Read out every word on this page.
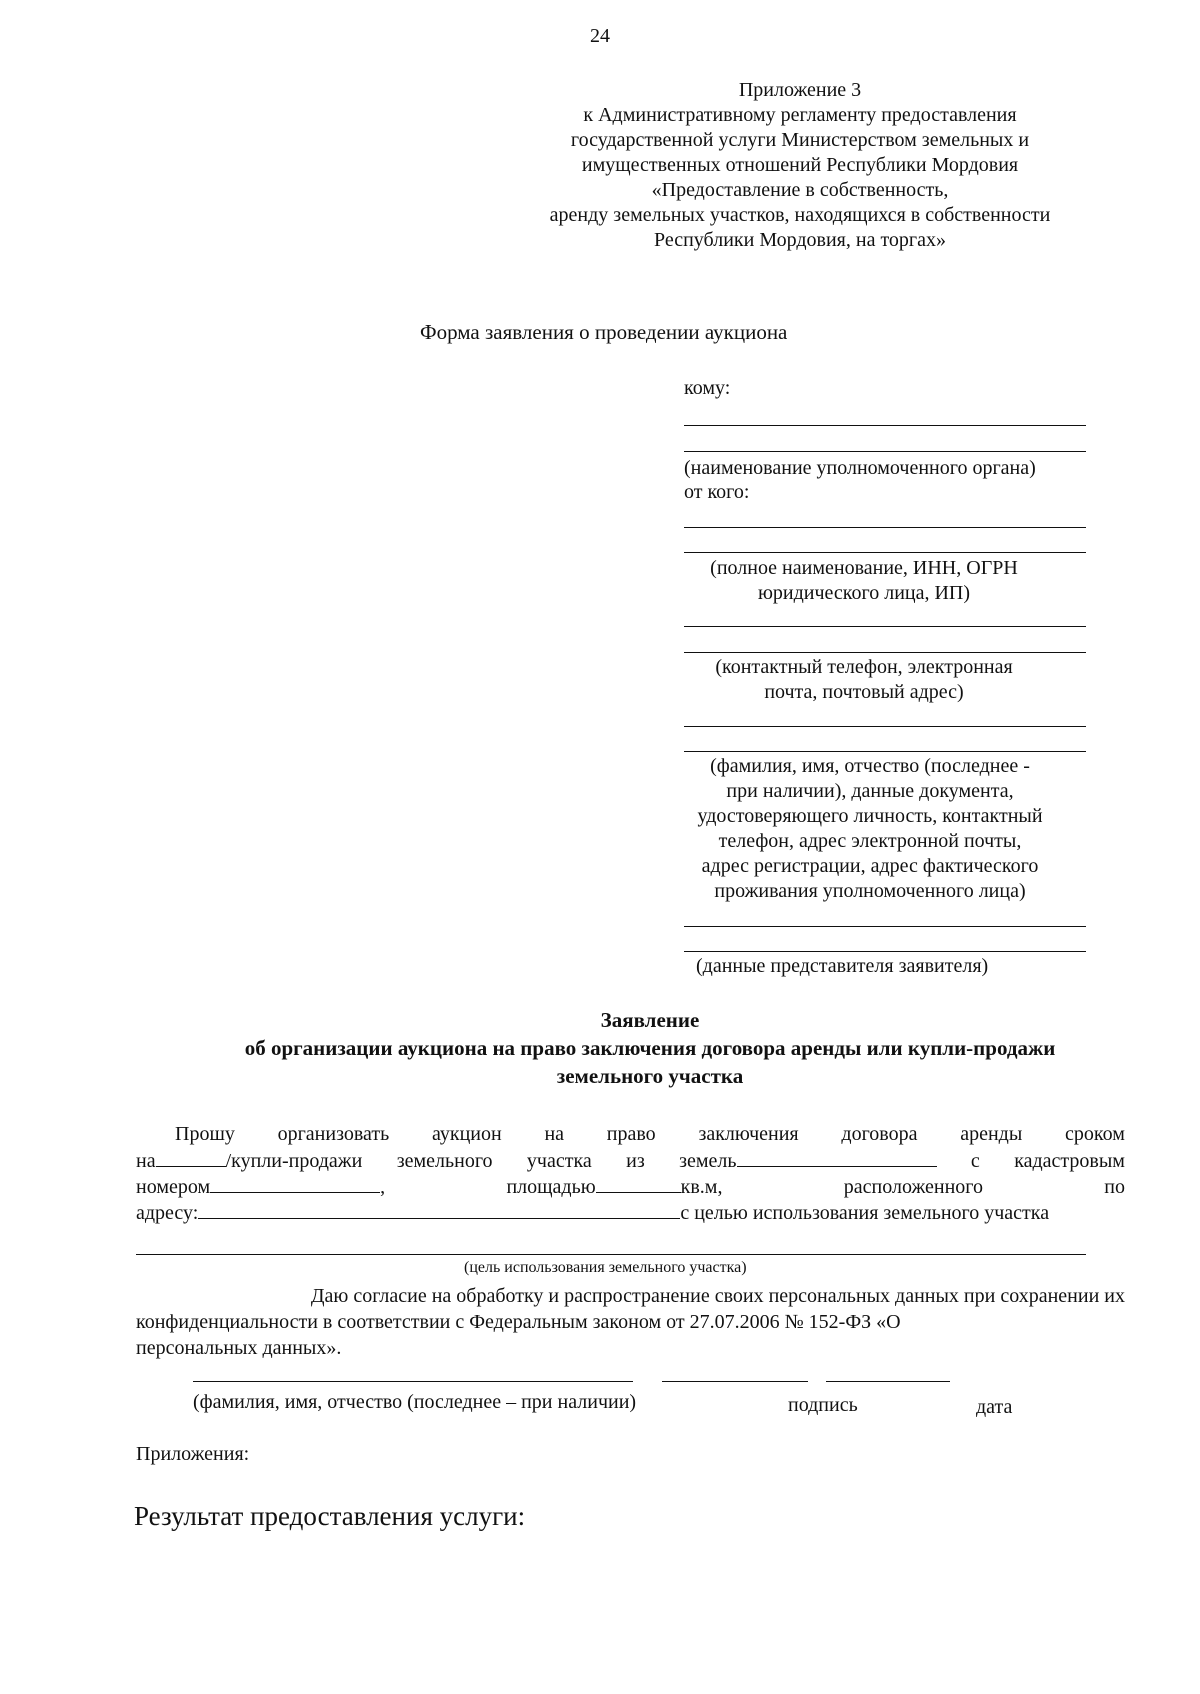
24
Приложение 3
к Административному регламенту предоставления
государственной услуги Министерством земельных и
имущественных отношений Республики Мордовия
«Предоставление в собственность,
аренду земельных участков, находящихся в собственности
Республики Мордовия, на торгах»
Форма заявления о проведении аукциона
кому:
(наименование уполномоченного органа)
от кого:
(полное наименование, ИНН, ОГРН
юридического лица, ИП)
(контактный телефон, электронная
почта, почтовый адрес)
(фамилия, имя, отчество (последнее -
при наличии), данные документа,
удостоверяющего личность, контактный
телефон, адрес электронной почты,
адрес регистрации, адрес фактического
проживания уполномоченного лица)
(данные представителя заявителя)
Заявление
об организации аукциона на право заключения договора аренды или купли-продажи
земельного участка
Прошу организовать аукцион на право заключения договора аренды сроком
на	/купли-продажи земельного участка из земель	с кадастровым
номером	,	площадью	кв.м,	расположенного	по
адресу:	с целью использования земельного участка
(цель использования земельного участка)
Даю согласие на обработку и распространение своих персональных данных при сохранении их
конфиденциальности в соответствии с Федеральным законом от 27.07.2006 № 152-ФЗ «О
персональных данных».
(фамилия, имя, отчество (последнее – при наличии)	подпись	дата
Приложения:
Результат предоставления услуги:
